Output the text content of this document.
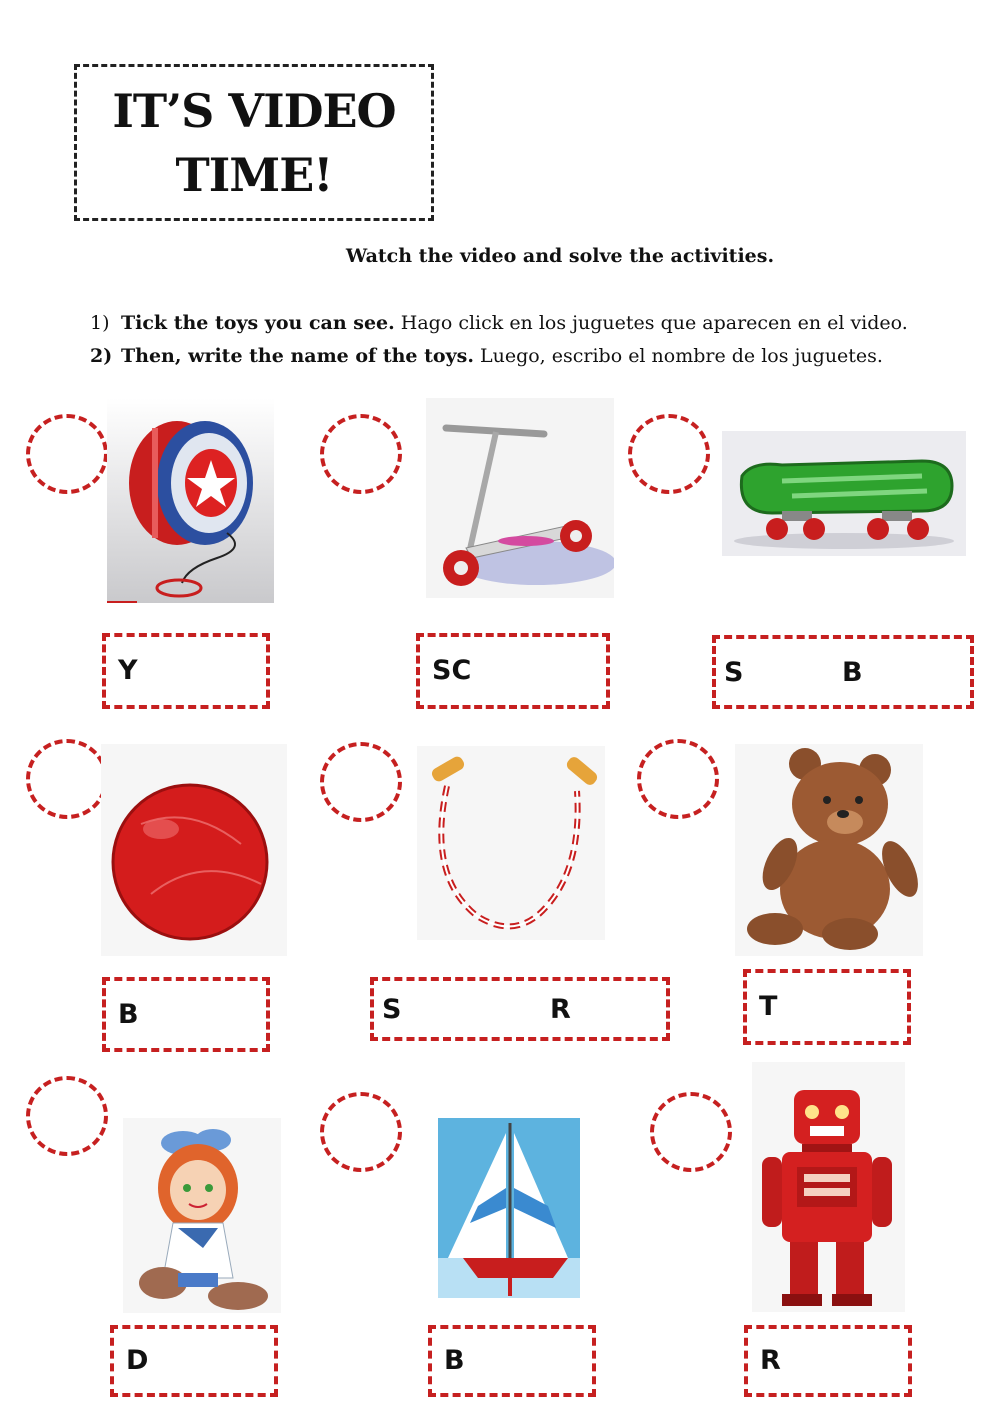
IT’S VIDEO
TIME!
Watch the video and solve the activities.
1) Tick the toys you can see. Hago click en los juguetes que aparecen en el video.
2) Then, write the name of the toys. Luego, escribo el nombre de los juguetes.
Y	SC	S	B
B	S	R	T
D	B	R
